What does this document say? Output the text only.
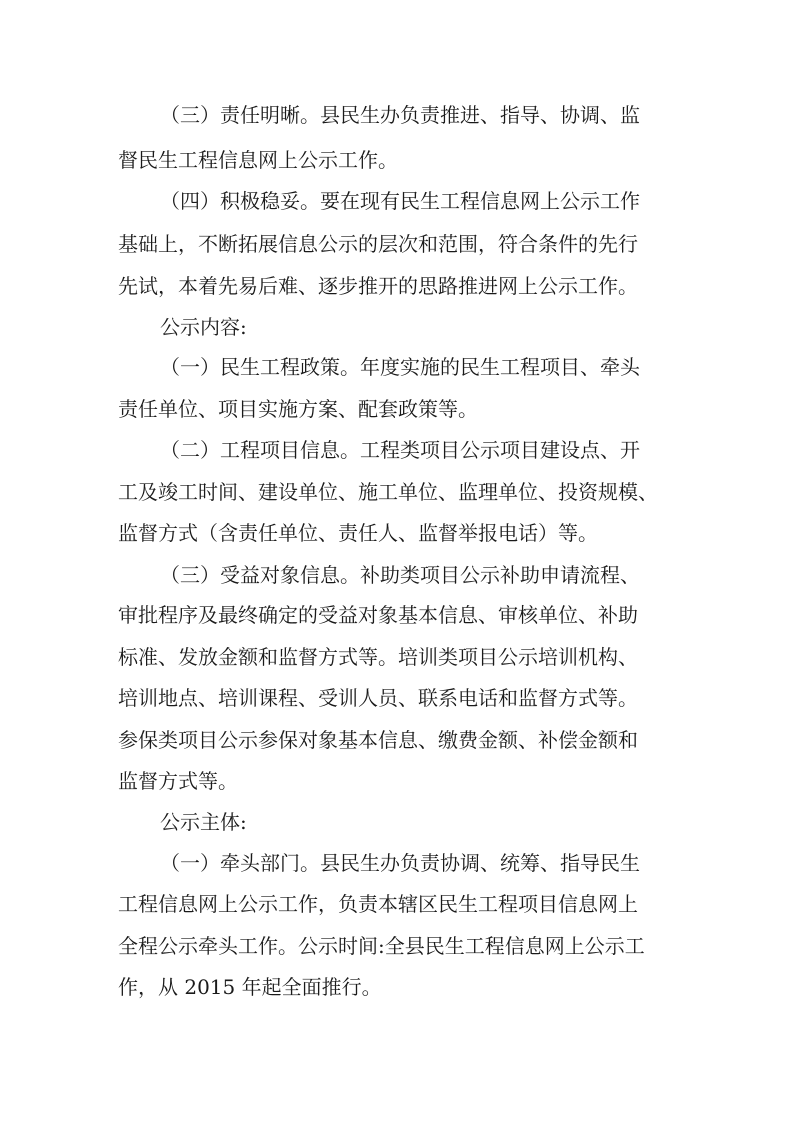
（三）责任明晰。县民生办负责推进、指导、协调、监

督民生工程信息网上公示工作。

（四）积极稳妥。要在现有民生工程信息网上公示工作

基础上，不断拓展信息公示的层次和范围，符合条件的先行

先试，本着先易后难、逐步推开的思路推进网上公示工作。

公示内容:

（一）民生工程政策。年度实施的民生工程项目、牵头

责任单位、项目实施方案、配套政策等。

（二）工程项目信息。工程类项目公示项目建设点、开

工及竣工时间、建设单位、施工单位、监理单位、投资规模、

监督方式（含责任单位、责任人、监督举报电话）等。

（三）受益对象信息。补助类项目公示补助申请流程、

审批程序及最终确定的受益对象基本信息、审核单位、补助

标准、发放金额和监督方式等。培训类项目公示培训机构、

培训地点、培训课程、受训人员、联系电话和监督方式等。

参保类项目公示参保对象基本信息、缴费金额、补偿金额和

监督方式等。

公示主体:

（一）牵头部门。县民生办负责协调、统筹、指导民生

工程信息网上公示工作，负责本辖区民生工程项目信息网上

全程公示牵头工作。公示时间:全县民生工程信息网上公示工

作，从 2015 年起全面推行。
